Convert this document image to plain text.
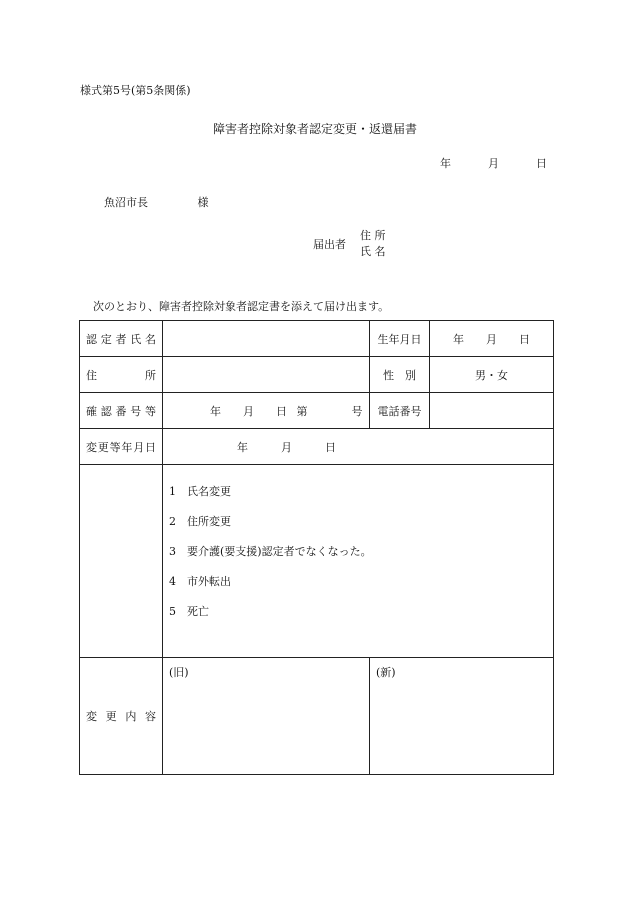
様式第5号(第5条関係)
障害者控除対象者認定変更・返還届書
年	月	日
魚沼市長	様
届出者
住 所
氏 名
次のとおり、障害者控除対象者認定書を添えて届け出ます。
認定者氏名		生年月日	年　　月　　日
住　　所		性　別	男・女
確認番号等	年　　月　　日 第　　　　号	電話番号	
変更等年月日	年　　　月　　　日		

	1 氏名変更
2 住所変更
3 要介護(要支援)認定者でなくなった。
4 市外転出
5 死亡		

変更内容	(旧)	(新)	
